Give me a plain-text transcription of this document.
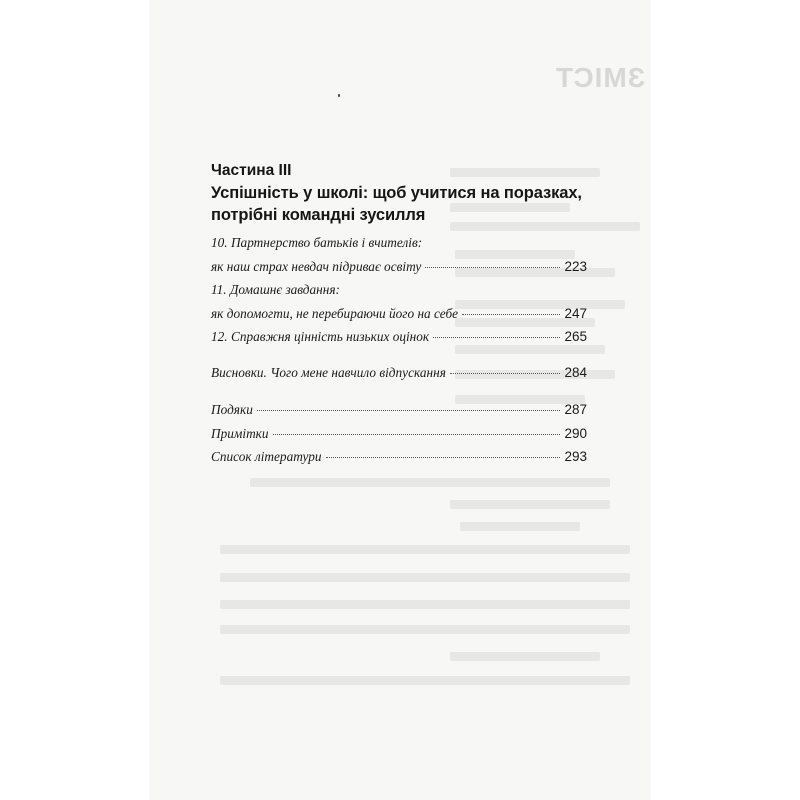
ЗМІСТ
Частина III
Успішність у школі: щоб учитися на поразках,
потрібні командні зусилля
10. Партнерство батьків і вчителів:
як наш страх невдач підриває освіту	223
11. Домашнє завдання:
як допомогти, не перебираючи його на себе	247
12. Справжня цінність низьких оцінок	265
Висновки. Чого мене навчило відпускання	284
Подяки	287
Примітки	290
Список літератури	293
